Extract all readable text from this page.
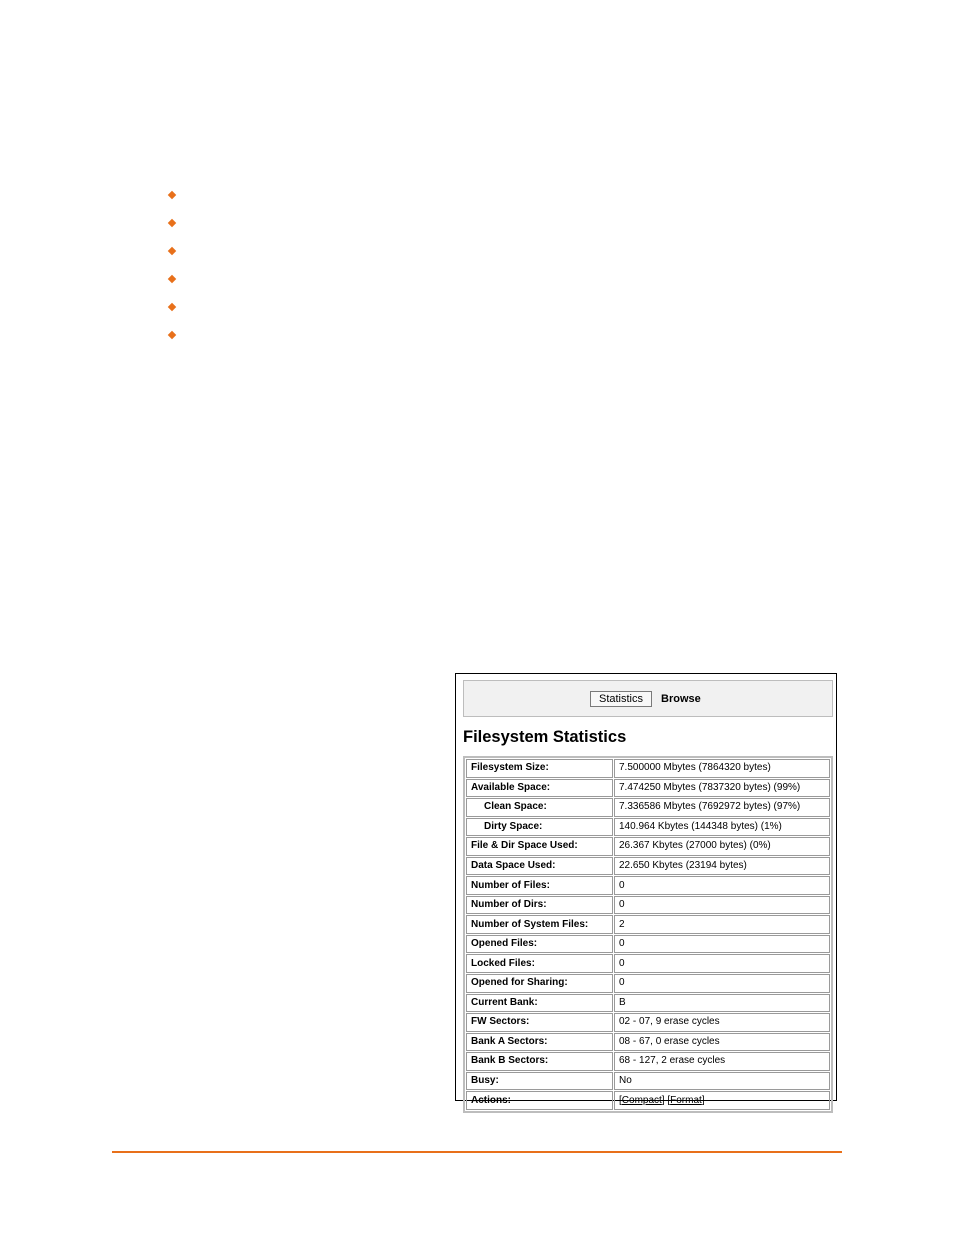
Statistics	Browse
Filesystem Statistics
Filesystem Size:	7.500000 Mbytes (7864320 bytes)
Available Space:	7.474250 Mbytes (7837320 bytes) (99%)
Clean Space:	7.336586 Mbytes (7692972 bytes) (97%)
Dirty Space:	140.964 Kbytes (144348 bytes) (1%)
File & Dir Space Used:	26.367 Kbytes (27000 bytes) (0%)
Data Space Used:	22.650 Kbytes (23194 bytes)
Number of Files:	0
Number of Dirs:	0
Number of System Files:	2
Opened Files:	0
Locked Files:	0
Opened for Sharing:	0
Current Bank:	B
FW Sectors:	02 - 07, 9 erase cycles
Bank A Sectors:	08 - 67, 0 erase cycles
Bank B Sectors:	68 - 127, 2 erase cycles
Busy:	No
Actions:	[Compact] [Format]
